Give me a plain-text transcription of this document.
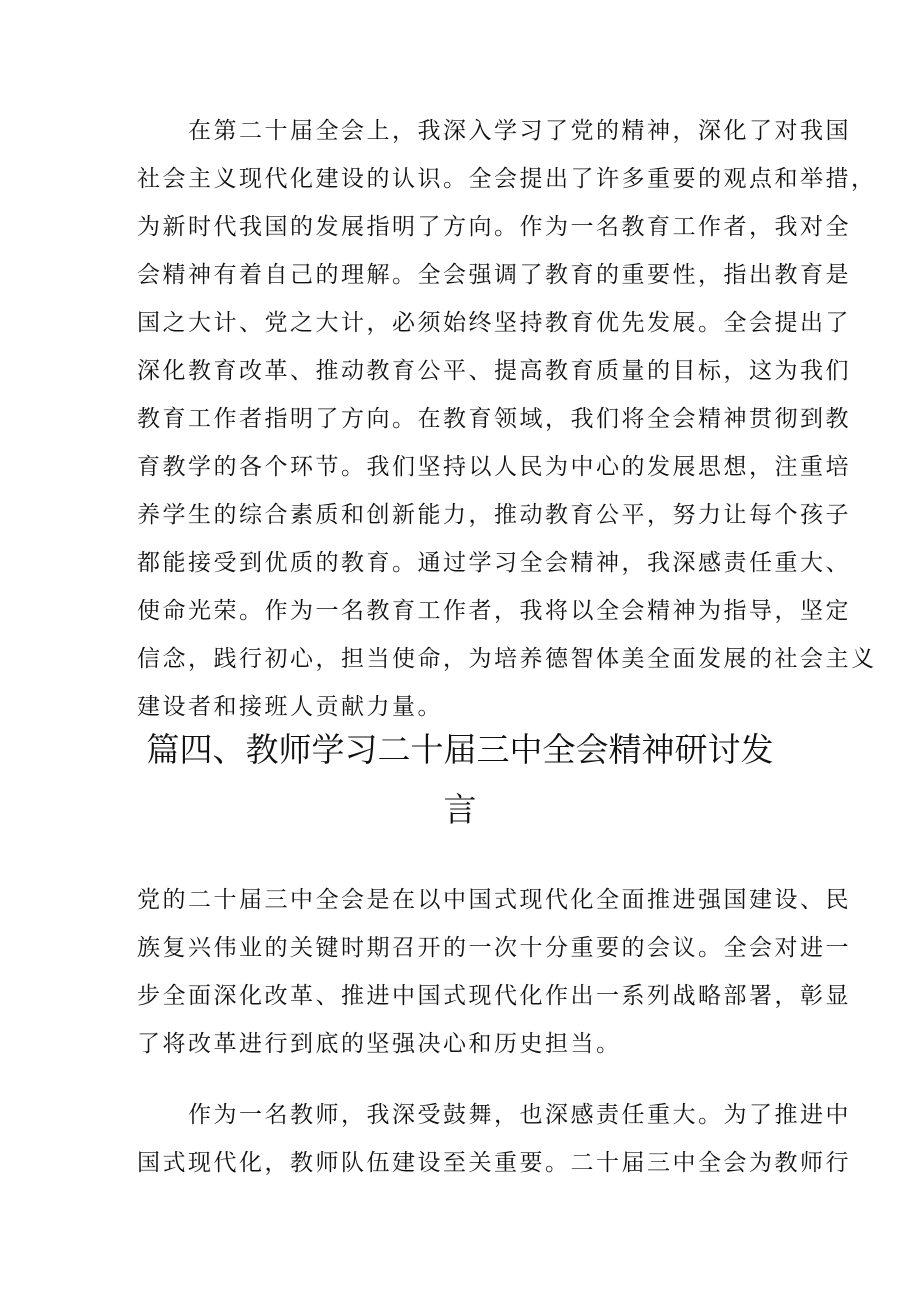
　　在第二十届全会上，我深入学习了党的精神，深化了对我国
社会主义现代化建设的认识。全会提出了许多重要的观点和举措，
为新时代我国的发展指明了方向。作为一名教育工作者，我对全
会精神有着自己的理解。全会强调了教育的重要性，指出教育是
国之大计、党之大计，必须始终坚持教育优先发展。全会提出了
深化教育改革、推动教育公平、提高教育质量的目标，这为我们
教育工作者指明了方向。在教育领域，我们将全会精神贯彻到教
育教学的各个环节。我们坚持以人民为中心的发展思想，注重培
养学生的综合素质和创新能力，推动教育公平，努力让每个孩子
都能接受到优质的教育。通过学习全会精神，我深感责任重大、
使命光荣。作为一名教育工作者，我将以全会精神为指导，坚定
信念，践行初心，担当使命，为培养德智体美全面发展的社会主义
建设者和接班人贡献力量。
篇四、教师学习二十届三中全会精神研讨发
言
党的二十届三中全会是在以中国式现代化全面推进强国建设、民
族复兴伟业的关键时期召开的一次十分重要的会议。全会对进一
步全面深化改革、推进中国式现代化作出一系列战略部署，彰显
了将改革进行到底的坚强决心和历史担当。
　　作为一名教师，我深受鼓舞，也深感责任重大。为了推进中
国式现代化，教师队伍建设至关重要。二十届三中全会为教师行
